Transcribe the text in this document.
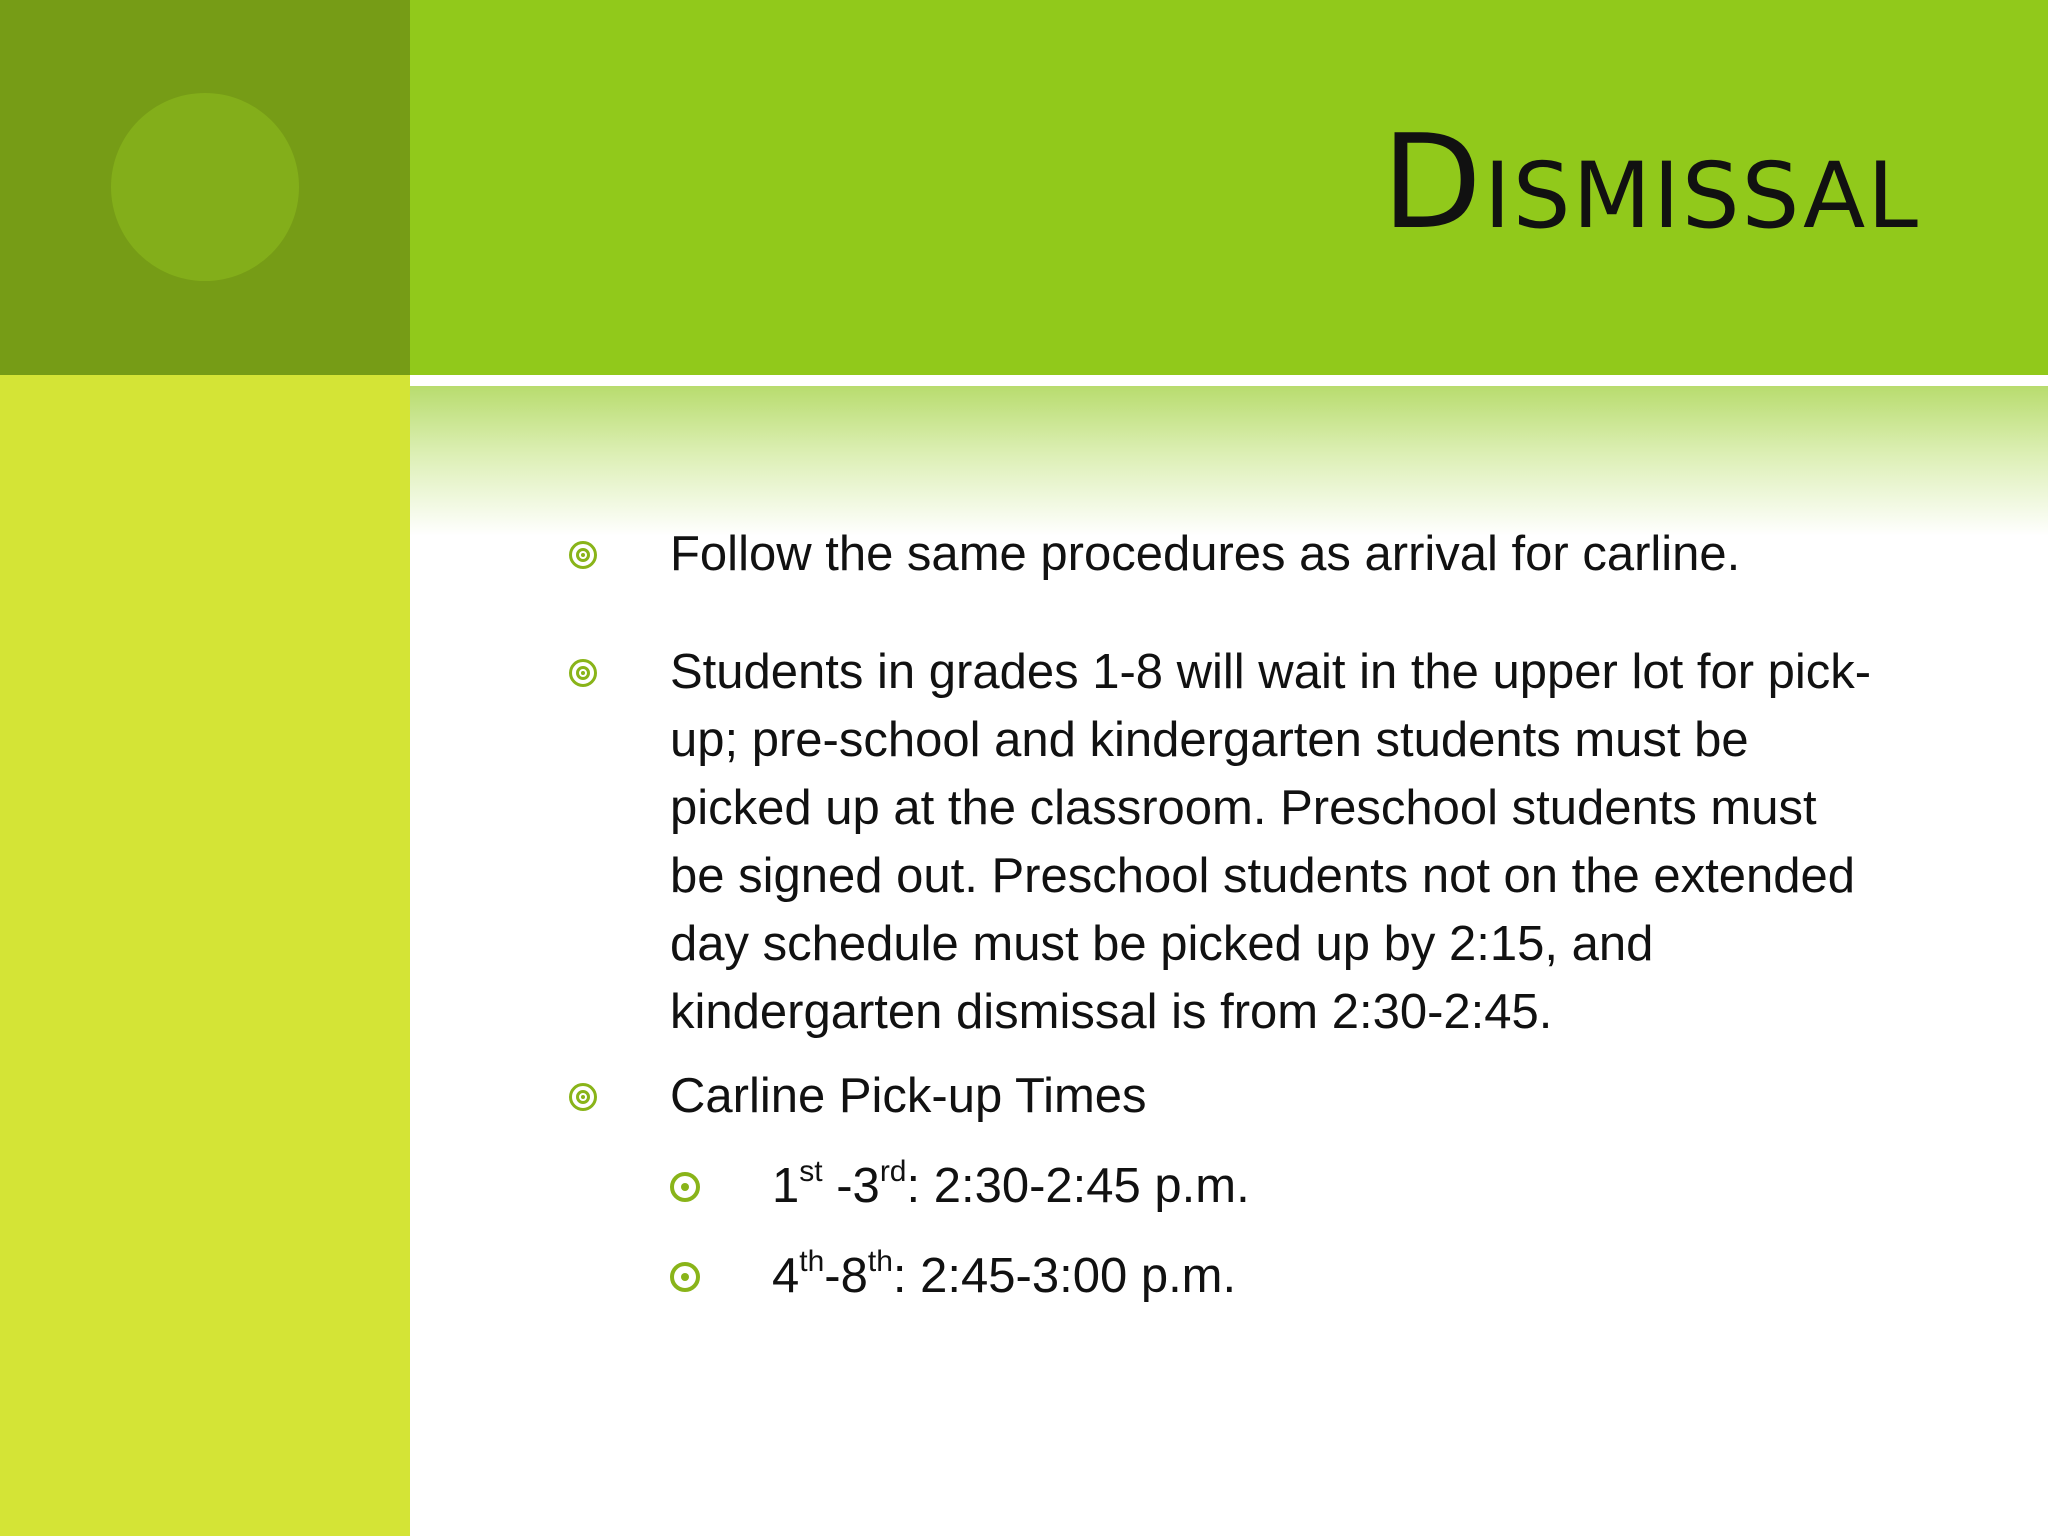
Dismissal
Follow the same procedures as arrival for carline.
Students in grades 1-8 will wait in the upper lot for pick-up; pre-school and kindergarten students must be picked up at the classroom. Preschool students must be signed out. Preschool students not on the extended day schedule must be picked up by 2:15, and kindergarten dismissal is from 2:30-2:45.
Carline Pick-up Times
1st -3rd: 2:30-2:45 p.m.
4th-8th: 2:45-3:00 p.m.
